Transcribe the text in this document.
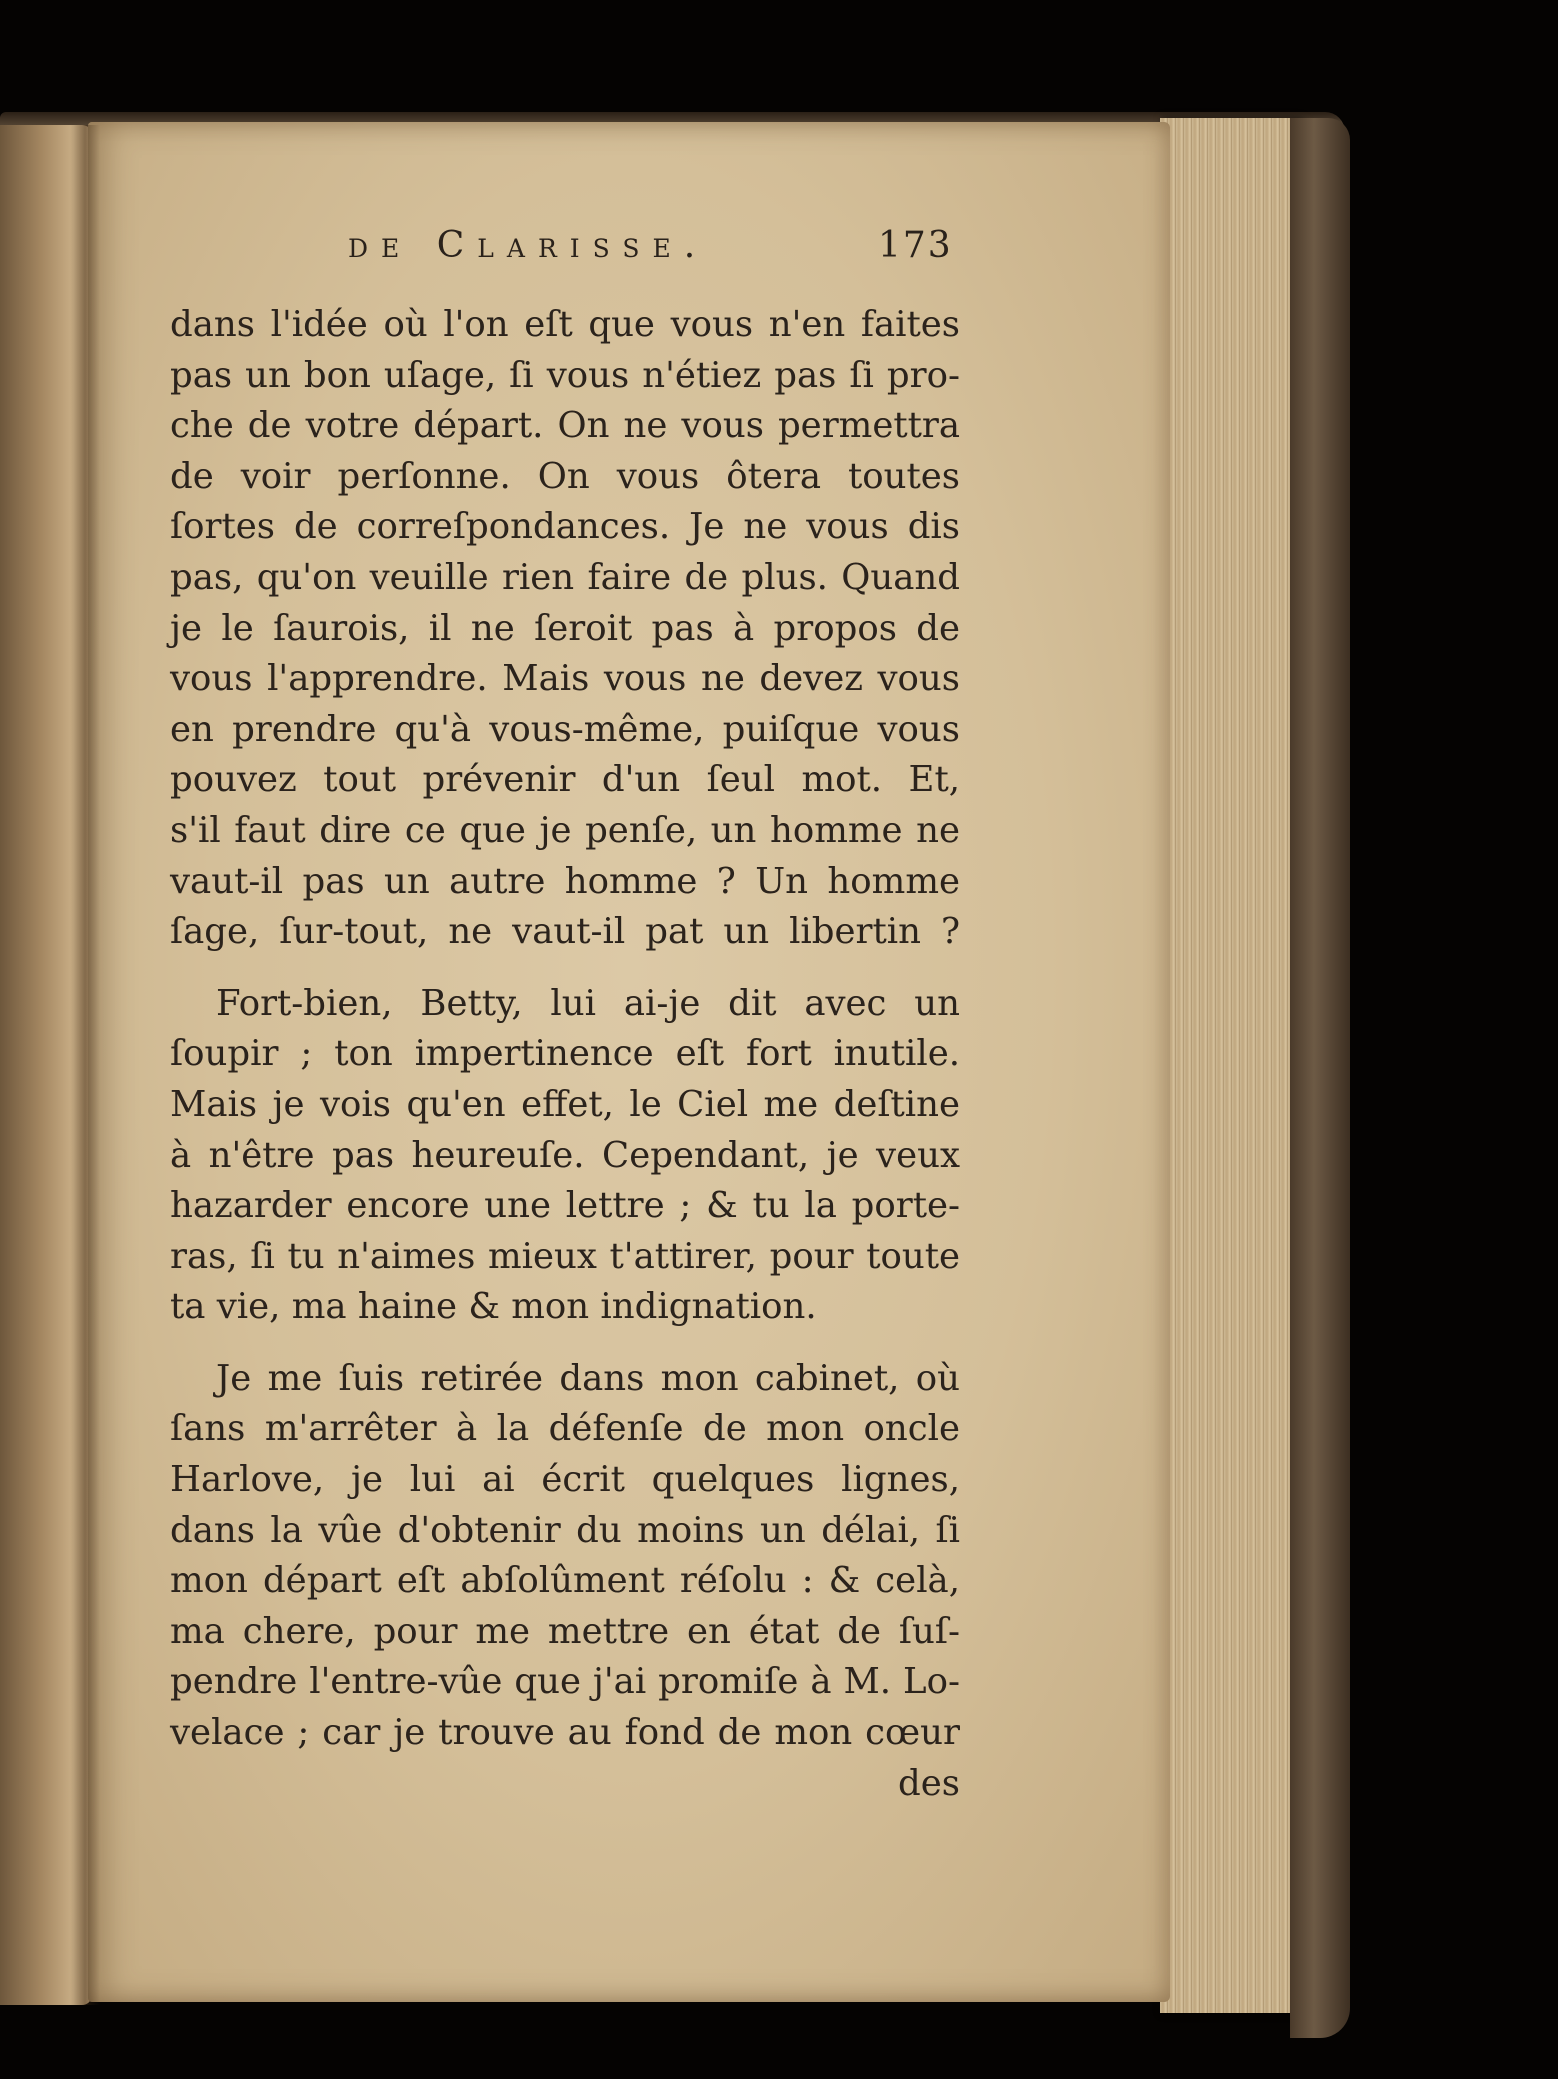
de Clarisse.	173
dans l'idée où l'on eſt que vous n'en faites
pas un bon uſage, ſi vous n'étiez pas ſi pro-
che de votre départ. On ne vous permettra
de voir perſonne. On vous ôtera toutes
ſortes de correſpondances. Je ne vous dis
pas, qu'on veuille rien faire de plus. Quand
je le ſaurois, il ne ſeroit pas à propos de
vous l'apprendre. Mais vous ne devez vous
en prendre qu'à vous-même, puiſque vous
pouvez tout prévenir d'un ſeul mot. Et,
s'il faut dire ce que je penſe, un homme ne
vaut-il pas un autre homme ? Un homme
ſage, ſur-tout, ne vaut-il pat un libertin ?
Fort-bien, Betty, lui ai-je dit avec un
ſoupir ; ton impertinence eſt fort inutile.
Mais je vois qu'en effet, le Ciel me deſtine
à n'être pas heureuſe. Cependant, je veux
hazarder encore une lettre ; & tu la porte-
ras, ſi tu n'aimes mieux t'attirer, pour toute
ta vie, ma haine & mon indignation.
Je me ſuis retirée dans mon cabinet, où
ſans m'arrêter à la défenſe de mon oncle
Harlove, je lui ai écrit quelques lignes,
dans la vûe d'obtenir du moins un délai, ſi
mon départ eſt abſolûment réſolu : & celà,
ma chere, pour me mettre en état de ſuſ-
pendre l'entre-vûe que j'ai promiſe à M. Lo-
velace ; car je trouve au fond de mon cœur
des
